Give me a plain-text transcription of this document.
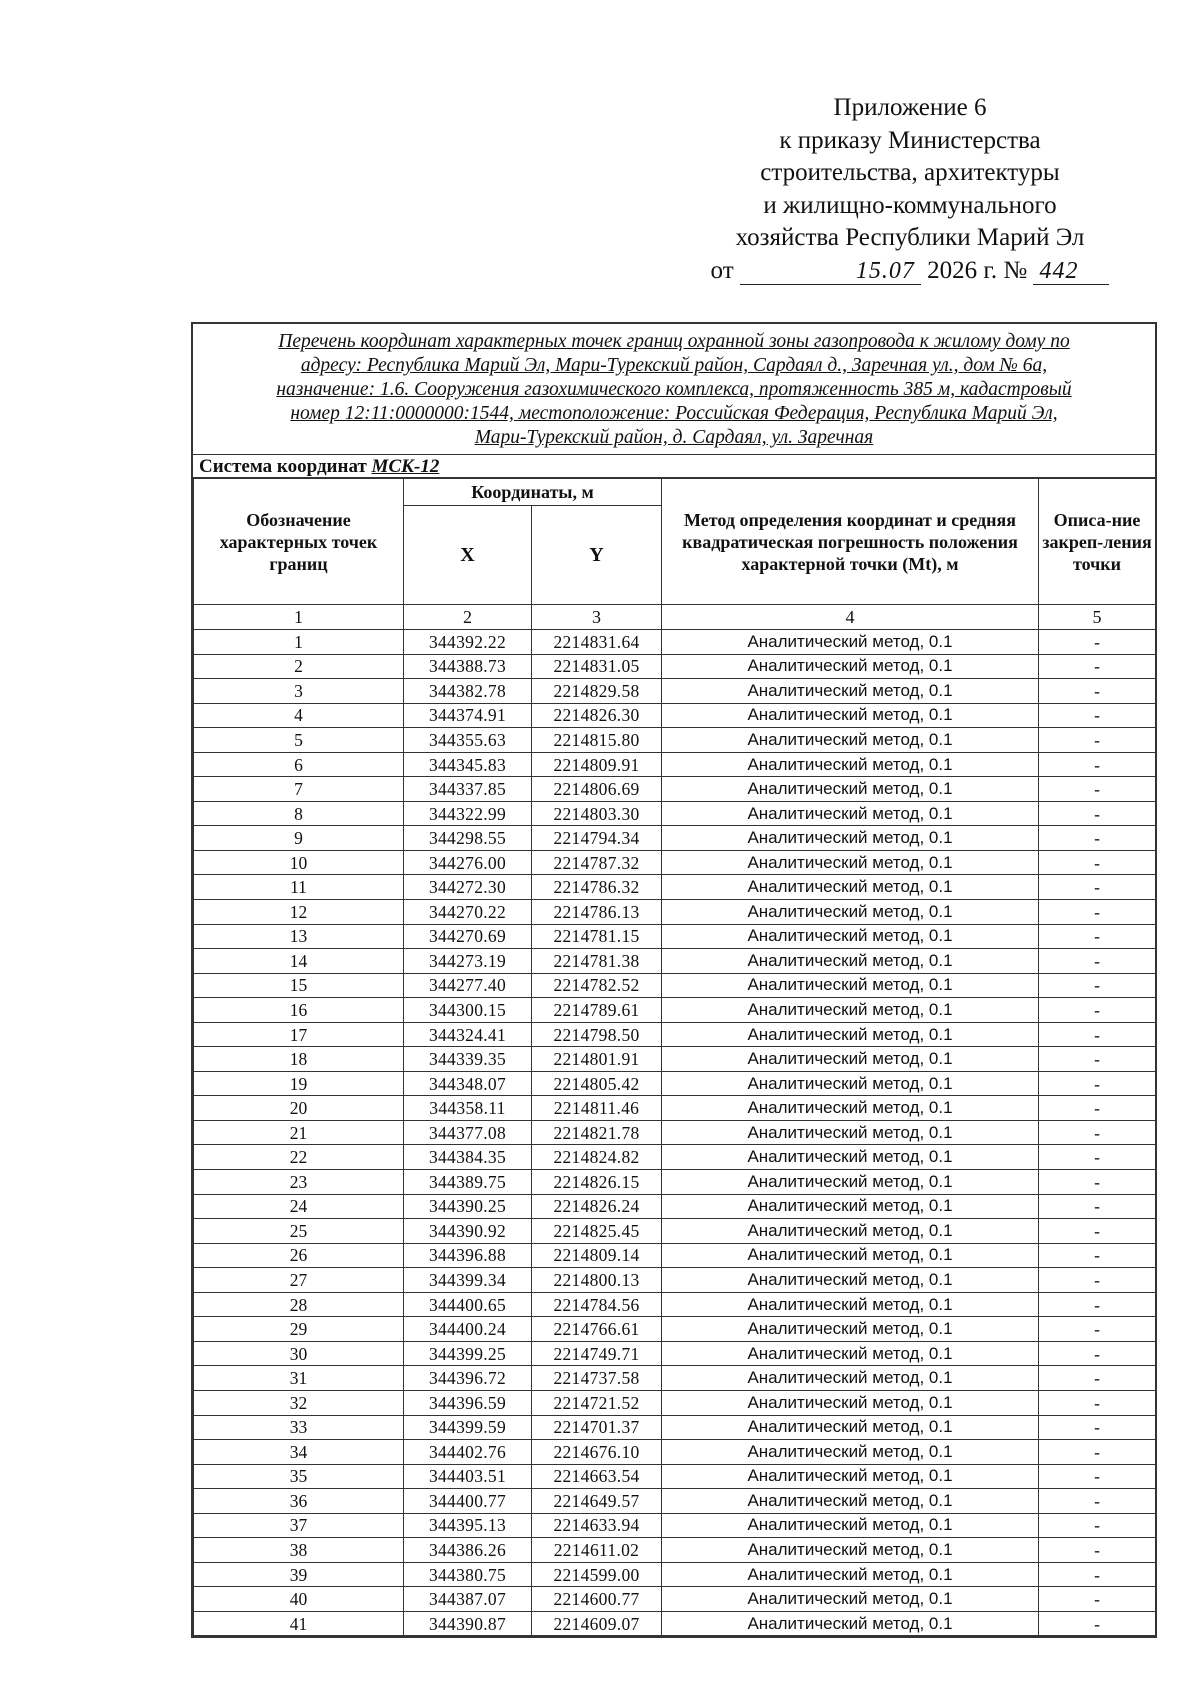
Приложение 6
к приказу Министерства
строительства, архитектуры
и жилищно-коммунального
хозяйства Республики Марий Эл
от	15.07 2026 г. № 442
Перечень координат характерных точек границ охранной зоны газопровода к жилому дому по
адресу: Республика Марий Эл, Мари-Турекский район, Сардаял д., Заречная ул., дом № 6а,
назначение: 1.6. Сооружения газохимического комплекса, протяженность 385 м, кадастровый
номер 12:11:0000000:1544, местоположение: Российская Федерация, Республика Марий Эл,
Мари-Турекский район, д. Сардаял, ул. Заречная
Система координат МСК-12
Обозначение характерных точек границ	Координаты, м		Метод определения координат и средняя квадратическая погрешность положения характерной точки (Mt), м	Описа-ние закреп-ления точки
	X	Y		
1	2	3	4	5
1	344392.22	2214831.64	Аналитический метод, 0.1	-
2	344388.73	2214831.05	Аналитический метод, 0.1	-
3	344382.78	2214829.58	Аналитический метод, 0.1	-
4	344374.91	2214826.30	Аналитический метод, 0.1	-
5	344355.63	2214815.80	Аналитический метод, 0.1	-
6	344345.83	2214809.91	Аналитический метод, 0.1	-
7	344337.85	2214806.69	Аналитический метод, 0.1	-
8	344322.99	2214803.30	Аналитический метод, 0.1	-
9	344298.55	2214794.34	Аналитический метод, 0.1	-
10	344276.00	2214787.32	Аналитический метод, 0.1	-
11	344272.30	2214786.32	Аналитический метод, 0.1	-
12	344270.22	2214786.13	Аналитический метод, 0.1	-
13	344270.69	2214781.15	Аналитический метод, 0.1	-
14	344273.19	2214781.38	Аналитический метод, 0.1	-
15	344277.40	2214782.52	Аналитический метод, 0.1	-
16	344300.15	2214789.61	Аналитический метод, 0.1	-
17	344324.41	2214798.50	Аналитический метод, 0.1	-
18	344339.35	2214801.91	Аналитический метод, 0.1	-
19	344348.07	2214805.42	Аналитический метод, 0.1	-
20	344358.11	2214811.46	Аналитический метод, 0.1	-
21	344377.08	2214821.78	Аналитический метод, 0.1	-
22	344384.35	2214824.82	Аналитический метод, 0.1	-
23	344389.75	2214826.15	Аналитический метод, 0.1	-
24	344390.25	2214826.24	Аналитический метод, 0.1	-
25	344390.92	2214825.45	Аналитический метод, 0.1	-
26	344396.88	2214809.14	Аналитический метод, 0.1	-
27	344399.34	2214800.13	Аналитический метод, 0.1	-
28	344400.65	2214784.56	Аналитический метод, 0.1	-
29	344400.24	2214766.61	Аналитический метод, 0.1	-
30	344399.25	2214749.71	Аналитический метод, 0.1	-
31	344396.72	2214737.58	Аналитический метод, 0.1	-
32	344396.59	2214721.52	Аналитический метод, 0.1	-
33	344399.59	2214701.37	Аналитический метод, 0.1	-
34	344402.76	2214676.10	Аналитический метод, 0.1	-
35	344403.51	2214663.54	Аналитический метод, 0.1	-
36	344400.77	2214649.57	Аналитический метод, 0.1	-
37	344395.13	2214633.94	Аналитический метод, 0.1	-
38	344386.26	2214611.02	Аналитический метод, 0.1	-
39	344380.75	2214599.00	Аналитический метод, 0.1	-
40	344387.07	2214600.77	Аналитический метод, 0.1	-
41	344390.87	2214609.07	Аналитический метод, 0.1	-
